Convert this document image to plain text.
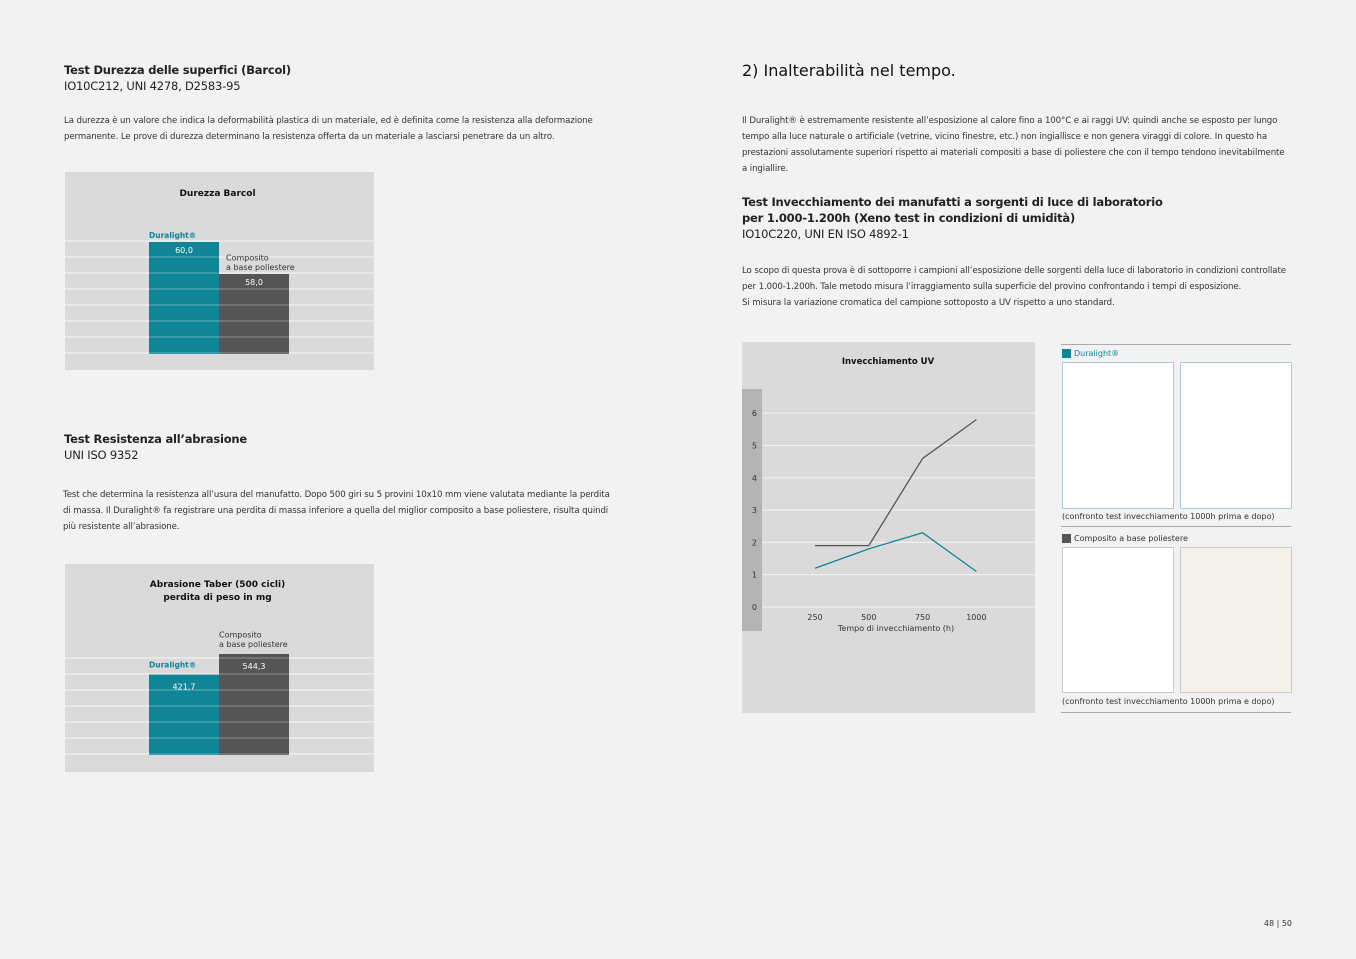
Test Durezza delle superfici (Barcol)
IO10C212, UNI 4278, D2583-95
La durezza è un valore che indica la deformabilità plastica di un materiale, ed è definita come la resistenza alla deformazione permanente. Le prove di durezza determinano la resistenza offerta da un materiale a lasciarsi penetrare da un altro.
Durezza Barcol
60,0
Duralight®
58,0
Composito
a base poliestere
Test Resistenza all’abrasione
UNI ISO 9352
Test che determina la resistenza all’usura del manufatto. Dopo 500 giri su 5 provini 10x10 mm viene valutata mediante la perdita di massa. Il Duralight® fa registrare una perdita di massa inferiore a quella del miglior composito a base poliestere, risulta quindi più resistente all’abrasione.
Abrasione Taber (500 cicli)
perdita di peso in mg
421,7
Duralight®	544,3
Composito
a base poliestere
2) Inalterabilità nel tempo.
Il Duralight® è estremamente resistente all’esposizione al calore fino a 100°C e ai raggi UV: quindi anche se esposto per lungo tempo alla luce naturale o artificiale (vetrine, vicino finestre, etc.) non ingiallisce e non genera viraggi di colore. In questo ha prestazioni assolutamente superiori rispetto ai materiali compositi a base di poliestere che con il tempo tendono inevitabilmente a ingiallire.
Test Invecchiamento dei manufatti a sorgenti di luce di laboratorio
per 1.000-1.200h (Xeno test in condizioni di umidità)
IO10C220, UNI EN ISO 4892-1
Lo scopo di questa prova è di sottoporre i campioni all’esposizione delle sorgenti della luce di laboratorio in condizioni controllate per 1.000-1.200h. Tale metodo misura l’irraggiamento sulla superficie del provino confrontando i tempi di esposizione.
Si misura la variazione cromatica del campione sottoposto a UV rispetto a uno standard.
Invecchiamento UV
0
1
2
3
4
5
6
250	500	750	1000
Tempo di invecchiamento (h)
Duralight®
(confronto test invecchiamento 1000h prima e dopo)
Composito a base poliestere
(confronto test invecchiamento 1000h prima e dopo)
48 | 50
